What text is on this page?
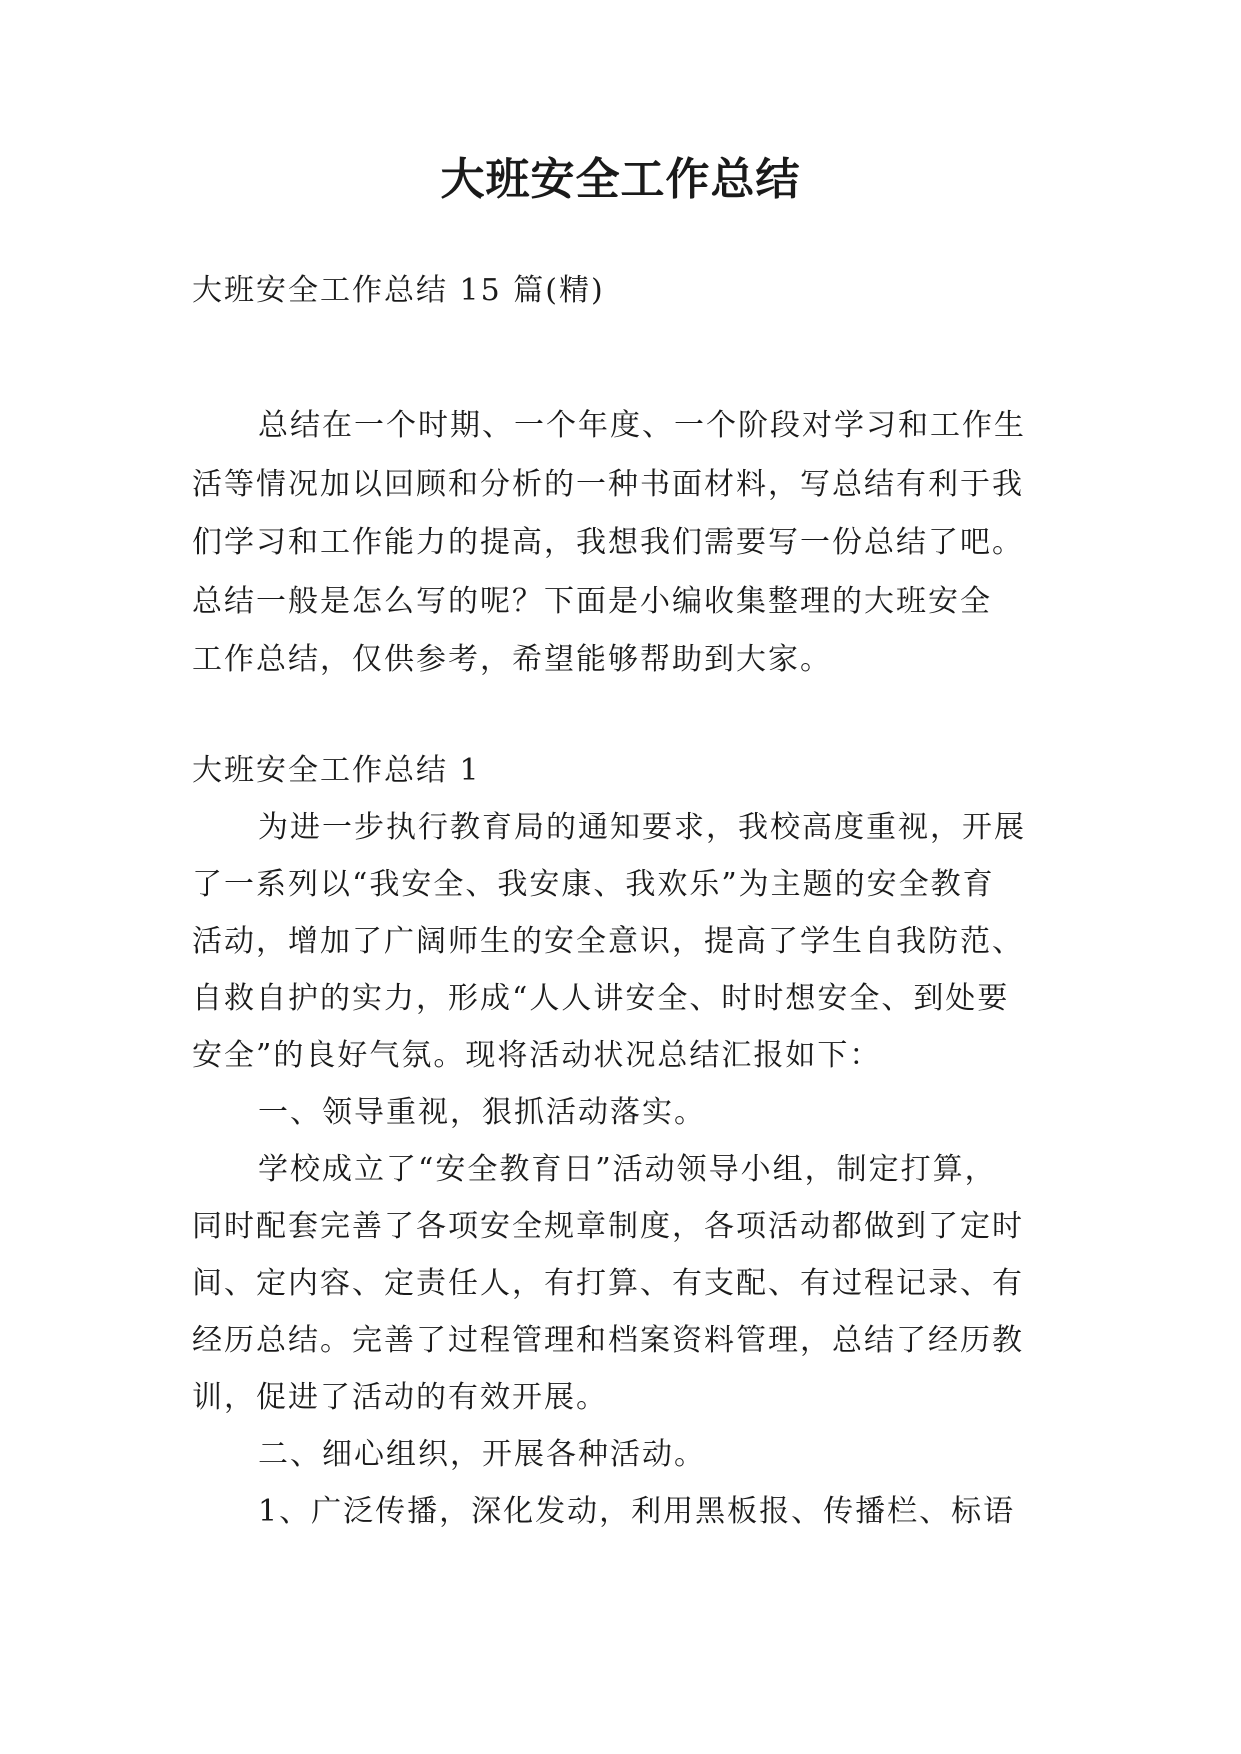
大班安全工作总结

大班安全工作总结 15 篇(精)

总结在一个时期、一个年度、一个阶段对学习和工作生

活等情况加以回顾和分析的一种书面材料，写总结有利于我

们学习和工作能力的提高，我想我们需要写一份总结了吧。

总结一般是怎么写的呢？下面是小编收集整理的大班安全

工作总结，仅供参考，希望能够帮助到大家。

大班安全工作总结 1

为进一步执行教育局的通知要求，我校高度重视，开展

了一系列以“我安全、我安康、我欢乐”为主题的安全教育

活动，增加了广阔师生的安全意识，提高了学生自我防范、

自救自护的实力，形成“人人讲安全、时时想安全、到处要

安全”的良好气氛。现将活动状况总结汇报如下：

一、领导重视，狠抓活动落实。

学校成立了“安全教育日”活动领导小组，制定打算，

同时配套完善了各项安全规章制度，各项活动都做到了定时

间、定内容、定责任人，有打算、有支配、有过程记录、有

经历总结。完善了过程管理和档案资料管理，总结了经历教

训，促进了活动的有效开展。

二、细心组织，开展各种活动。

1、广泛传播，深化发动，利用黑板报、传播栏、标语
